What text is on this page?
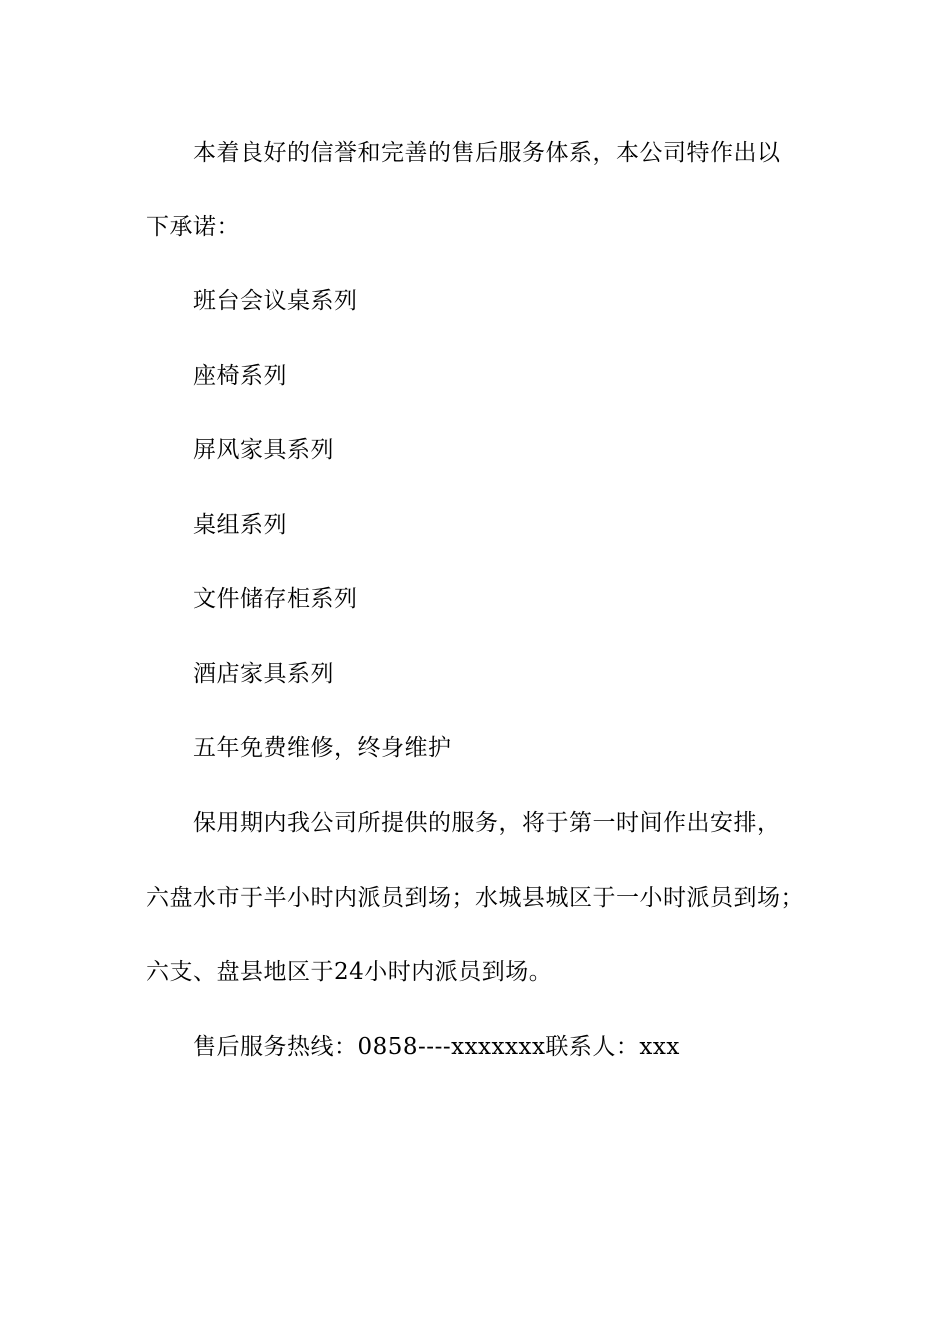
本着良好的信誉和完善的售后服务体系，本公司特作出以

下承诺：

班台会议桌系列

座椅系列

屏风家具系列

桌组系列

文件储存柜系列

酒店家具系列

五年免费维修，终身维护

保用期内我公司所提供的服务，将于第一时间作出安排，

六盘水市于半小时内派员到场；水城县城区于一小时派员到场；

六支、盘县地区于24小时内派员到场。

售后服务热线：0858----xxxxxxx联系人：xxx
